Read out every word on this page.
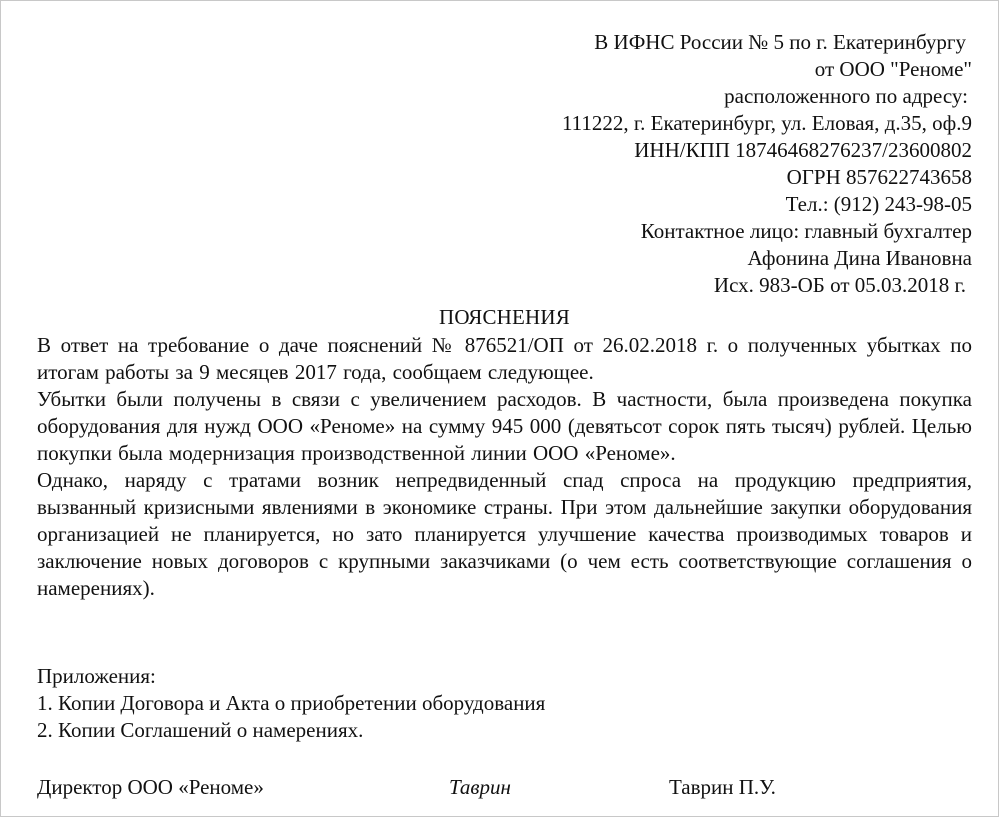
В ИФНС России № 5 по г. Екатеринбургу
от ООО "Реноме"
расположенного по адресу:
111222, г. Екатеринбург, ул. Еловая, д.35, оф.9
ИНН/КПП 18746468276237/23600802
ОГРН 857622743658
Тел.: (912) 243-98-05
Контактное лицо: главный бухгалтер
Афонина Дина Ивановна
Исх. 983-ОБ от 05.03.2018 г.
ПОЯСНЕНИЯ

В ответ на требование о даче пояснений № 876521/ОП от 26.02.2018 г. о полученных убытках по итогам работы за 9 месяцев 2017 года, сообщаем следующее.

Убытки были получены в связи с увеличением расходов. В частности, была произведена покупка оборудования для нужд ООО «Реноме» на сумму 945 000 (девятьсот сорок пять тысяч) рублей. Целью покупки была модернизация производственной линии ООО «Реноме».

Однако, наряду с тратами возник непредвиденный спад спроса на продукцию предприятия, вызванный кризисными явлениями в экономике страны. При этом дальнейшие закупки оборудования организацией не планируется, но зато планируется улучшение качества производимых товаров и заключение новых договоров с крупными заказчиками (о чем есть соответствующие соглашения о намерениях).

Приложения:
1. Копии Договора и Акта о приобретении оборудования
2. Копии Соглашений о намерениях.
Директор ООО «Реноме»	Таврин	Таврин П.У.
